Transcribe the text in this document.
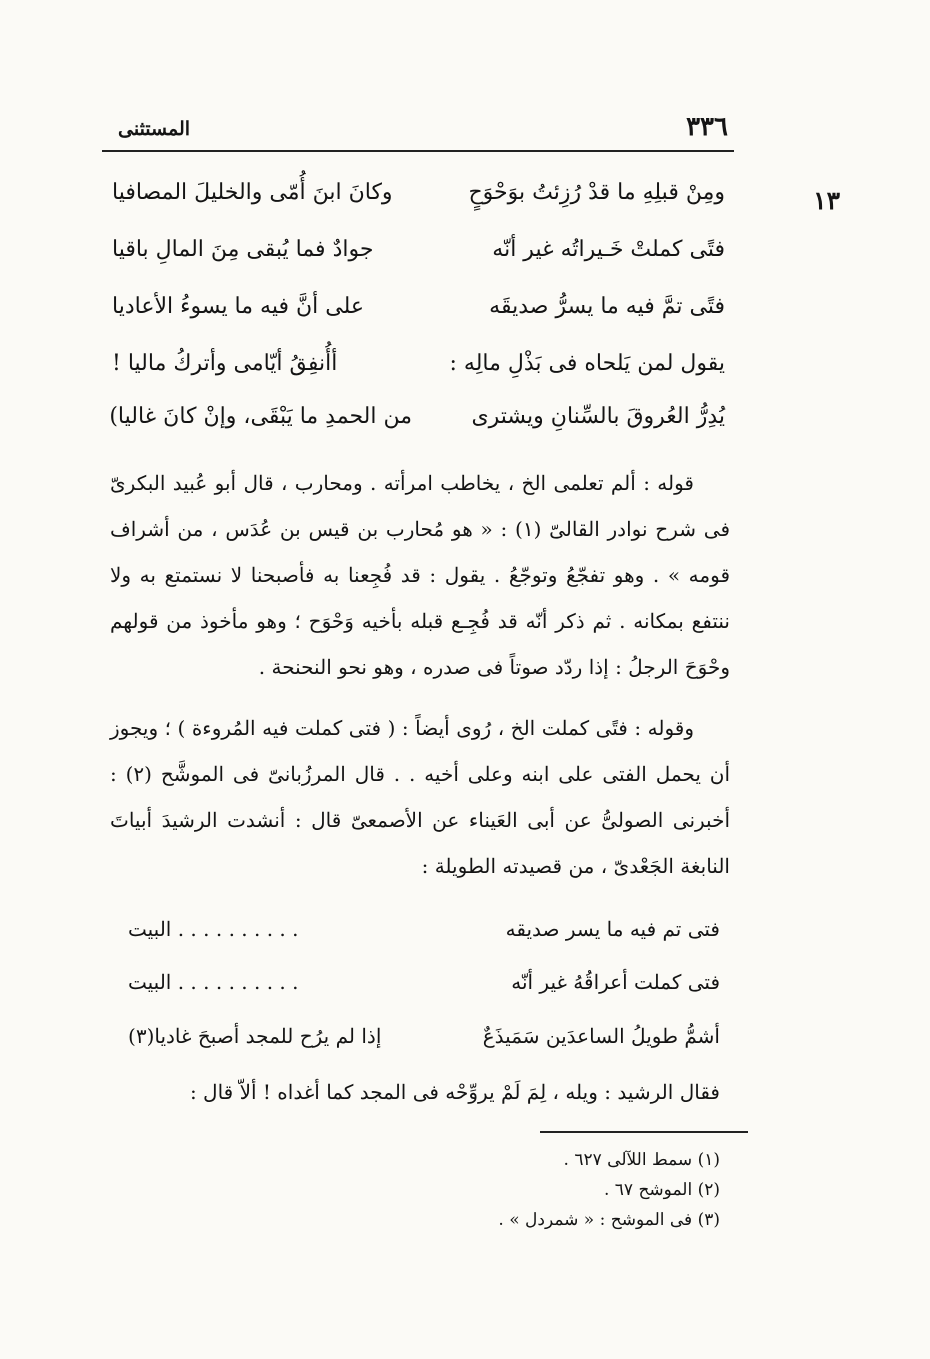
٣٣٦
المستثنى
١٣
ومِنْ قبلِهِ ما قدْ رُزِئتُ بوَحْوَحٍ
وكانَ ابنَ أُمّى والخليلَ المصافيا
فتًى كملتْ خَـيراتُه غير أنّه
جوادٌ فما يُبقى مِنَ المالِ باقيا
فتًى تمَّ فيه ما يسرُّ صديقَه
على أنَّ فيه ما يسوءُ الأعاديا
يقول لمن يَلحاه فى بَذْلِ مالِه :
أأُنفِقُ أيّامى وأتركُ ماليا !
يُدِرُّ العُروقَ بالسِّنانِ ويشترى
من الحمدِ ما يَبْقَى، وإنْ كانَ غاليا)
قوله : ألم تعلمى الخ ، يخاطب امرأته . ومحارب ، قال أبو عُبيد البكرىّ فى شرح نوادر القالىّ (١) : « هو مُحارب بن قيس بن عُدَس ، من أشراف قومه » . وهو تفجّعُ وتوجّعُ . يقول : قد فُجِعنا به فأصبحنا لا نستمتع به ولا ننتفع بمكانه . ثم ذكر أنّه قد فُجِـع قبله بأخيه وَحْوَح ؛ وهو مأخوذ من قولهم وحْوَحَ الرجلُ : إذا ردّد صوتاً فى صدره ، وهو نحو النحنحة .
وقوله : فتًى كملت الخ ، رُوى أيضاً : ( فتى كملت فيه المُروءة ) ؛ ويجوز أن يحمل الفتى على ابنه وعلى أخيه . . قال المرزُبانىّ فى الموشَّح (٢) : أخبرنى الصولىُّ عن أبى العَيناء عن الأصمعىّ قال : أنشدت الرشيدَ أبياتَ النابغة الجَعْدىّ ، من قصيدته الطويلة :
فتى تم فيه ما يسر صديقه
. . . . . . . . . . البيت
فتى كملت أعراقُهُ غير أنّه
. . . . . . . . . . البيت
أشمُّ طويلُ الساعدَين سَمَيذَعٌ
إذا لم يرُح للمجد أصبحَ غاديا(٣)
فقال الرشيد : ويله ، لِمَ لَمْ يروِّحْه فى المجد كما أغداه ! ألاّ قال :
(١) سمط اللآلى ٦٢٧ .
(٢) الموشح ٦٧ .
(٣) فى الموشح : « شمردل » .
